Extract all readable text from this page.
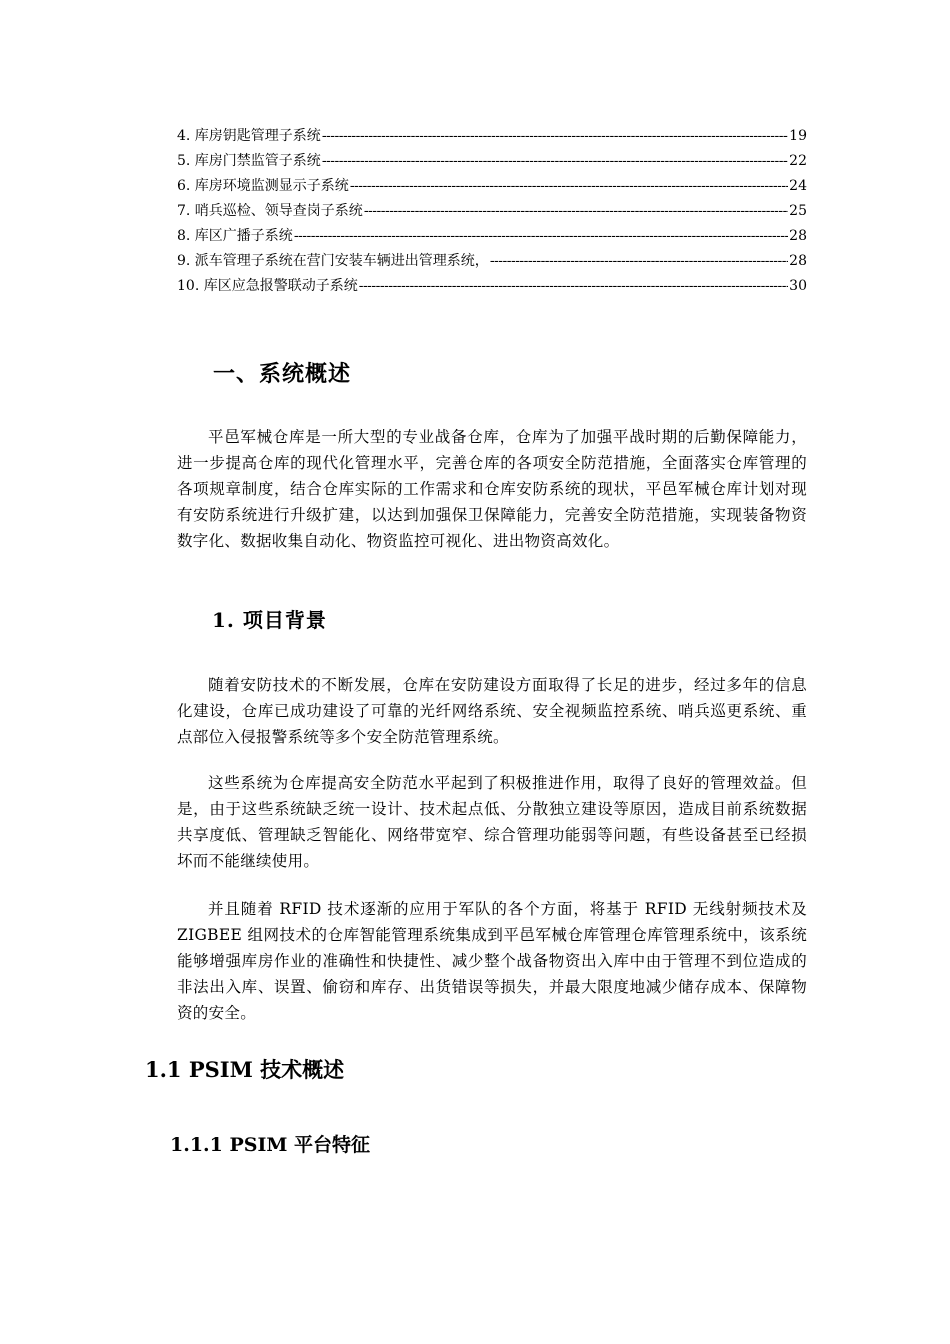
4. 库房钥匙管理子系统 -----	19
5. 库房门禁监管子系统 -----	22
6. 库房环境监测显示子系统 -----	24
7. 哨兵巡检、领导查岗子系统 -----	25
8. 库区广播子系统 -----	28
9. 派车管理子系统在营门安装车辆进出管理系统， -----	28
10. 库区应急报警联动子系统 -----	30
一、系统概述

平邑军械仓库是一所大型的专业战备仓库，仓库为了加强平战时期的后勤保障能力，进一步提高仓库的现代化管理水平，完善仓库的各项安全防范措施，全面落实仓库管理的各项规章制度，结合仓库实际的工作需求和仓库安防系统的现状，平邑军械仓库计划对现有安防系统进行升级扩建，以达到加强保卫保障能力，完善安全防范措施，实现装备物资数字化、数据收集自动化、物资监控可视化、进出物资高效化。

1. 项目背景

随着安防技术的不断发展，仓库在安防建设方面取得了长足的进步，经过多年的信息化建设，仓库已成功建设了可靠的光纤网络系统、安全视频监控系统、哨兵巡更系统、重点部位入侵报警系统等多个安全防范管理系统。

这些系统为仓库提高安全防范水平起到了积极推进作用，取得了良好的管理效益。但是，由于这些系统缺乏统一设计、技术起点低、分散独立建设等原因，造成目前系统数据共享度低、管理缺乏智能化、网络带宽窄、综合管理功能弱等问题，有些设备甚至已经损坏而不能继续使用。

并且随着 RFID 技术逐渐的应用于军队的各个方面，将基于 RFID 无线射频技术及 ZIGBEE 组网技术的仓库智能管理系统集成到平邑军械仓库管理仓库管理系统中，该系统能够增强库房作业的准确性和快捷性、减少整个战备物资出入库中由于管理不到位造成的非法出入库、误置、偷窃和库存、出货错误等损失，并最大限度地减少储存成本、保障物资的安全。

1.1 PSIM 技术概述
1.1.1 PSIM 平台特征
